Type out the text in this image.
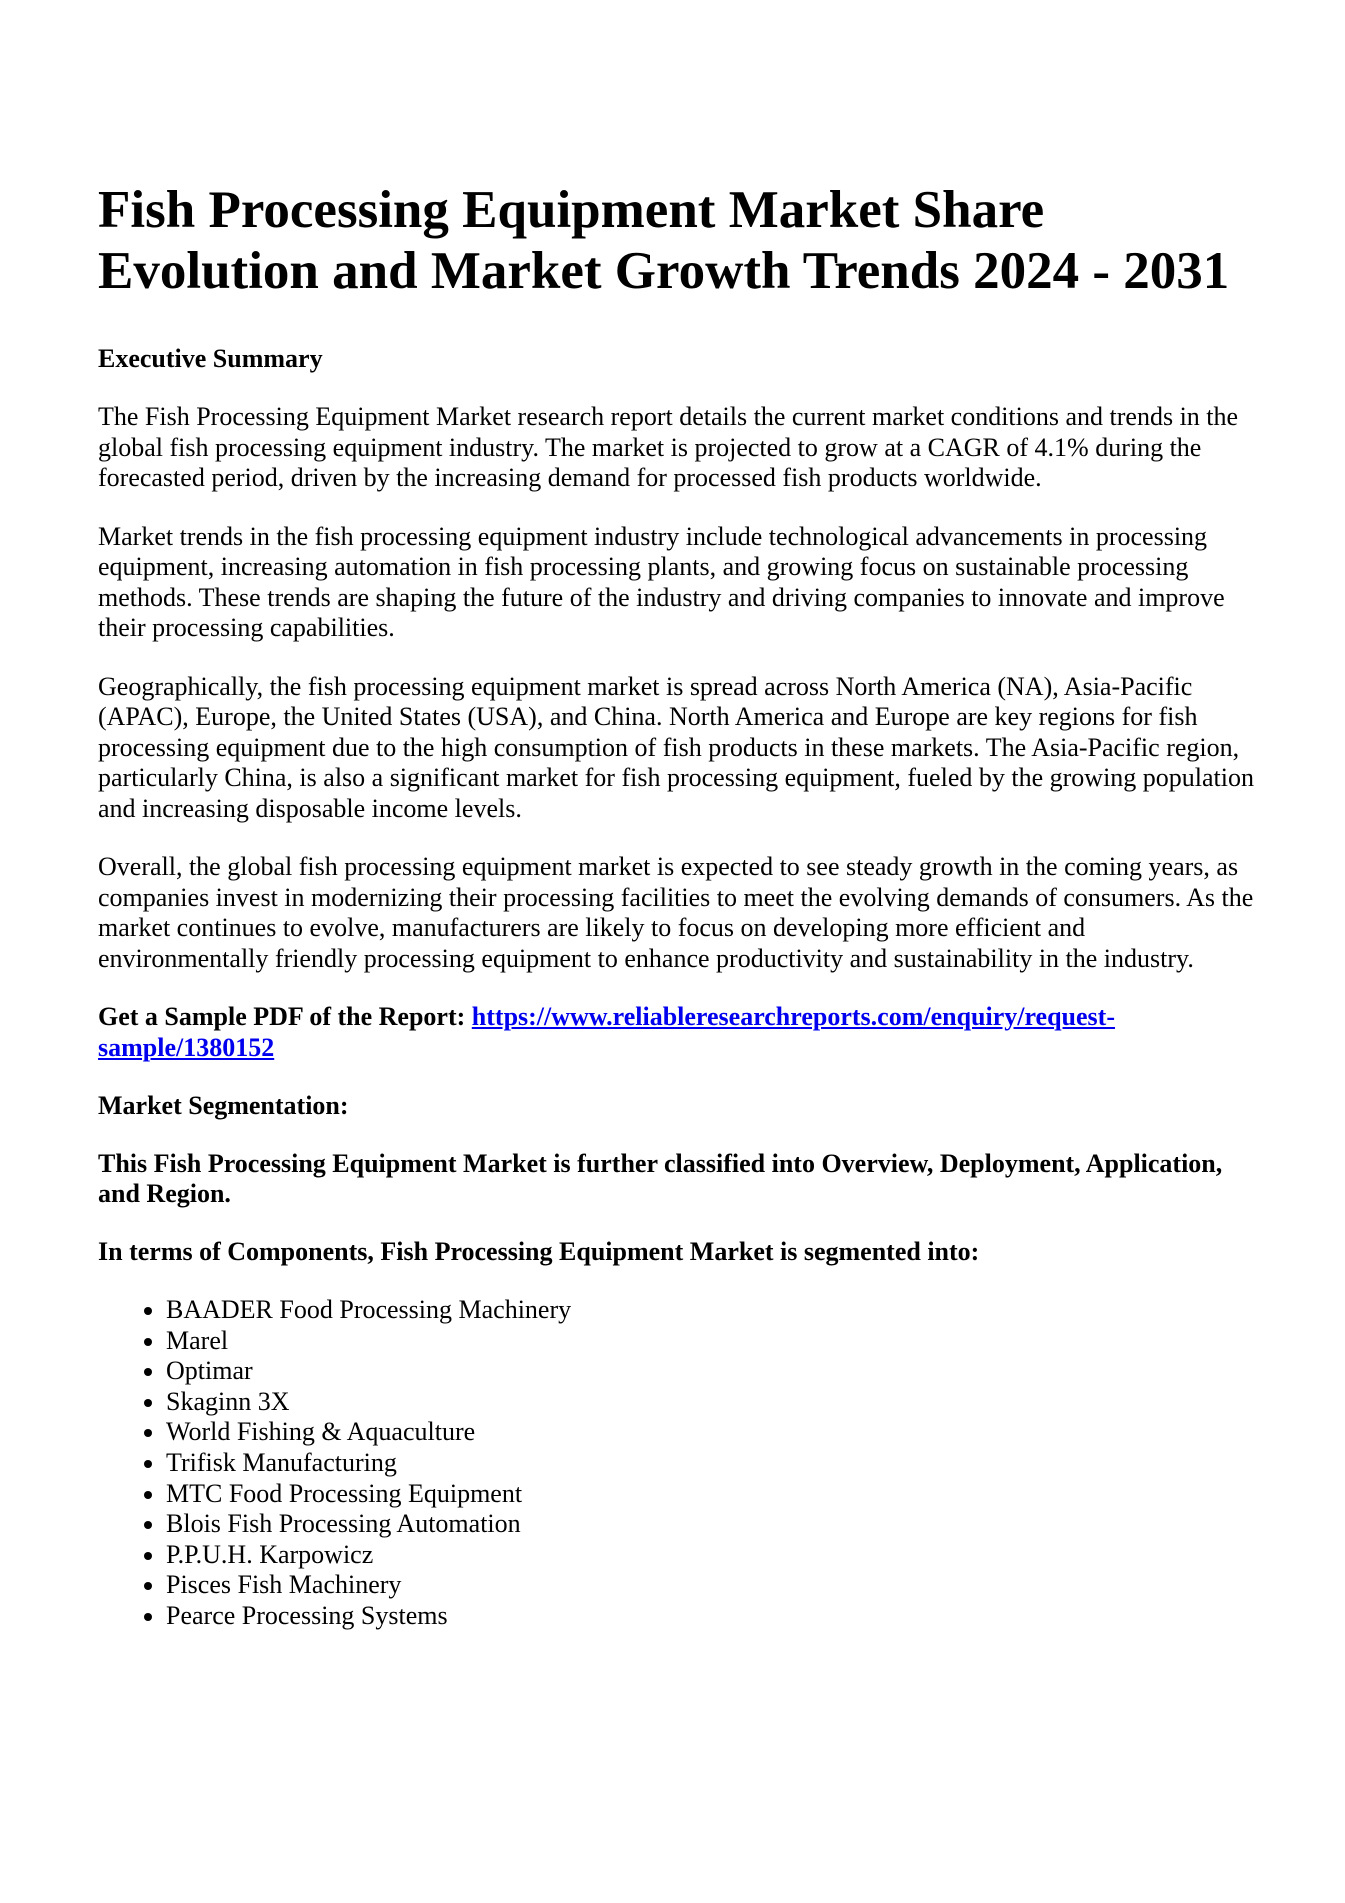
Fish Processing Equipment Market Share Evolution and Market Growth Trends 2024 - 2031
Executive Summary

The Fish Processing Equipment Market research report details the current market conditions and trends in the global fish processing equipment industry. The market is projected to grow at a CAGR of 4.1% during the forecasted period, driven by the increasing demand for processed fish products worldwide.

Market trends in the fish processing equipment industry include technological advancements in processing equipment, increasing automation in fish processing plants, and growing focus on sustainable processing methods. These trends are shaping the future of the industry and driving companies to innovate and improve their processing capabilities.

Geographically, the fish processing equipment market is spread across North America (NA), Asia-Pacific (APAC), Europe, the United States (USA), and China. North America and Europe are key regions for fish processing equipment due to the high consumption of fish products in these markets. The Asia-Pacific region, particularly China, is also a significant market for fish processing equipment, fueled by the growing population and increasing disposable income levels.

Overall, the global fish processing equipment market is expected to see steady growth in the coming years, as companies invest in modernizing their processing facilities to meet the evolving demands of consumers. As the market continues to evolve, manufacturers are likely to focus on developing more efficient and environmentally friendly processing equipment to enhance productivity and sustainability in the industry.

Get a Sample PDF of the Report: https://www.reliableresearchreports.com/enquiry/request-sample/1380152
Market Segmentation:
This Fish Processing Equipment Market is further classified into Overview, Deployment, Application, and Region.
In terms of Components, Fish Processing Equipment Market is segmented into:
• BAADER Food Processing Machinery
• Marel
• Optimar
• Skaginn 3X
• World Fishing & Aquaculture
• Trifisk Manufacturing
• MTC Food Processing Equipment
• Blois Fish Processing Automation
• P.P.U.H. Karpowicz
• Pisces Fish Machinery
• Pearce Processing Systems
